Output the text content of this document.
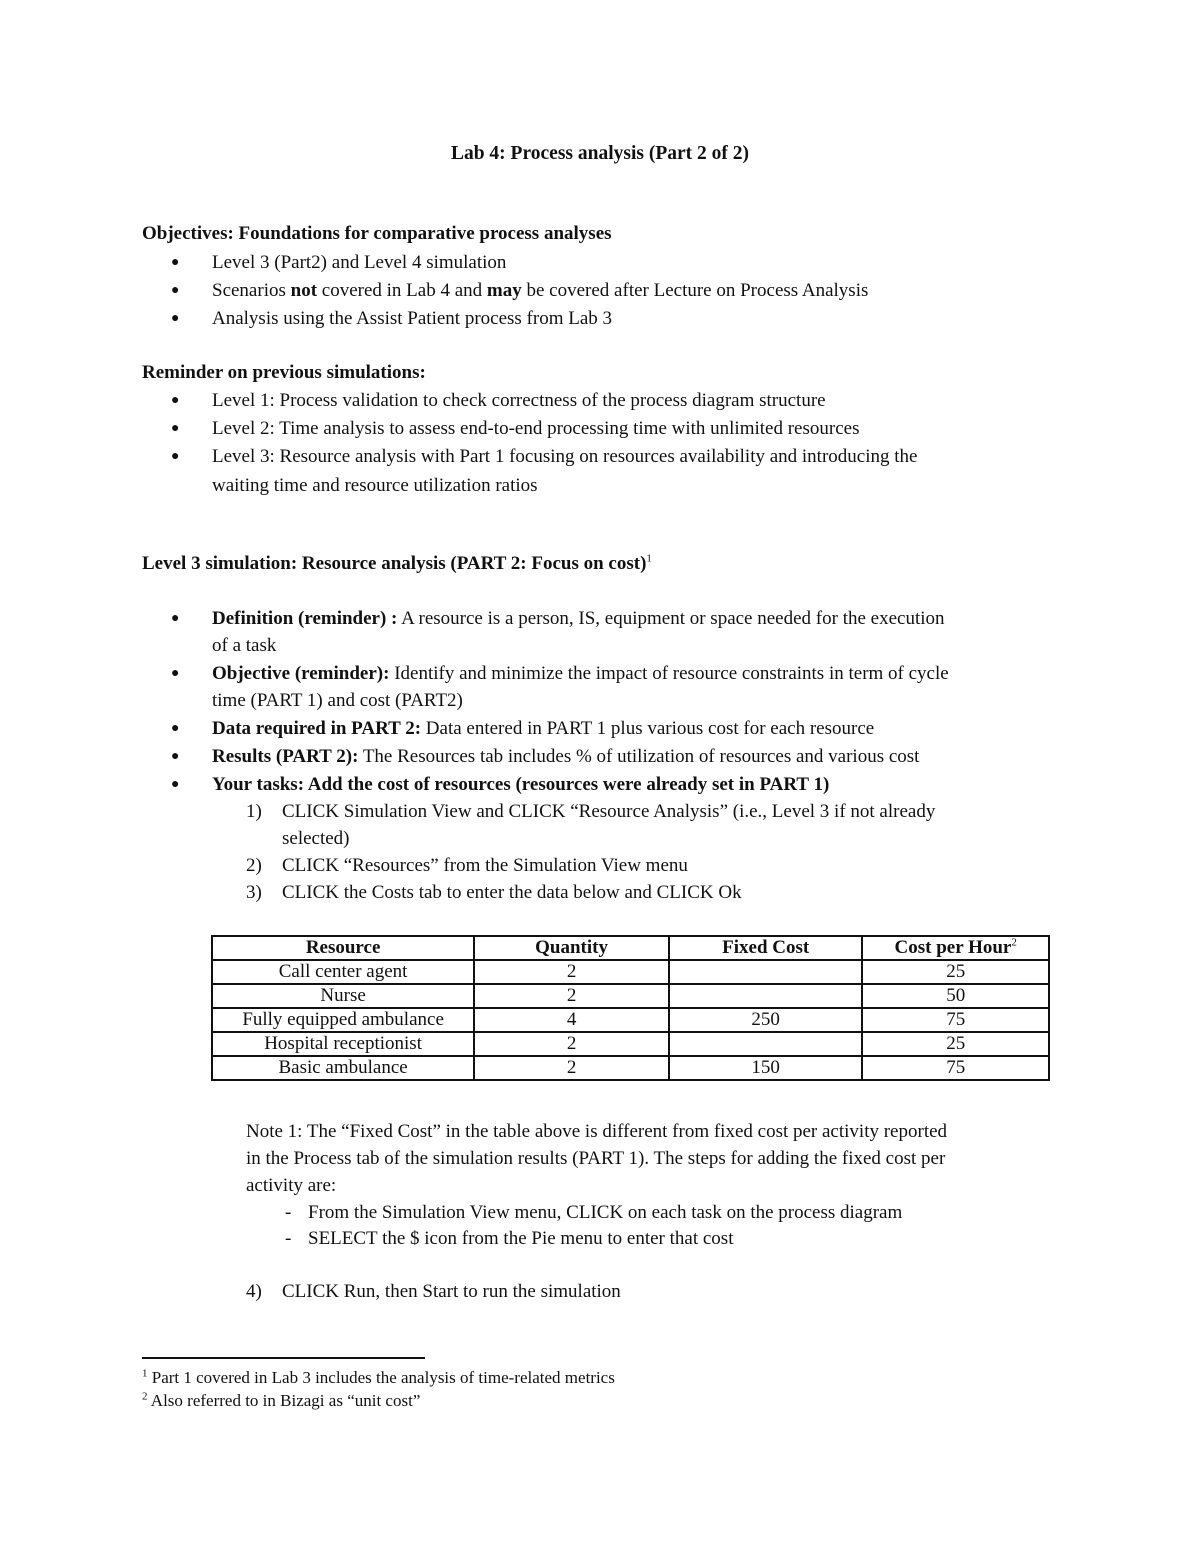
Lab 4: Process analysis (Part 2 of 2)

Objectives: Foundations for comparative process analyses

● Level 3 (Part2) and Level 4 simulation

● Scenarios not covered in Lab 4 and may be covered after Lecture on Process Analysis

● Analysis using the Assist Patient process from Lab 3

Reminder on previous simulations:

● Level 1: Process validation to check correctness of the process diagram structure

● Level 2: Time analysis to assess end-to-end processing time with unlimited resources

● Level 3: Resource analysis with Part 1 focusing on resources availability and introducing the

waiting time and resource utilization ratios

Level 3 simulation: Resource analysis (PART 2: Focus on cost)$^1$

● Definition (reminder) : A resource is a person, IS, equipment or space needed for the execution

of a task

● Objective (reminder): Identify and minimize the impact of resource constraints in term of cycle

time (PART 1) and cost (PART2)

● Data required in PART 2: Data entered in PART 1 plus various cost for each resource

● Results (PART 2): The Resources tab includes % of utilization of resources and various cost

● Your tasks: Add the cost of resources (resources were already set in PART 1)

1) CLICK Simulation View and CLICK “Resource Analysis” (i.e., Level 3 if not already

selected)

2) CLICK “Resources” from the Simulation View menu

3) CLICK the Costs tab to enter the data below and CLICK Ok

Resource	Quantity	Fixed Cost	Cost per Hour$^2$
Call center agent	2		25
Nurse	2		50
Fully equipped ambulance	4	250	75
Hospital receptionist	2		25
Basic ambulance	2	150	75

Note 1: The “Fixed Cost” in the table above is different from fixed cost per activity reported

in the Process tab of the simulation results (PART 1). The steps for adding the fixed cost per

activity are:

- From the Simulation View menu, CLICK on each task on the process diagram

- SELECT the $ icon from the Pie menu to enter that cost

4) CLICK Run, then Start to run the simulation

$^1$ Part 1 covered in Lab 3 includes the analysis of time-related metrics

$^2$ Also referred to in Bizagi as “unit cost”
